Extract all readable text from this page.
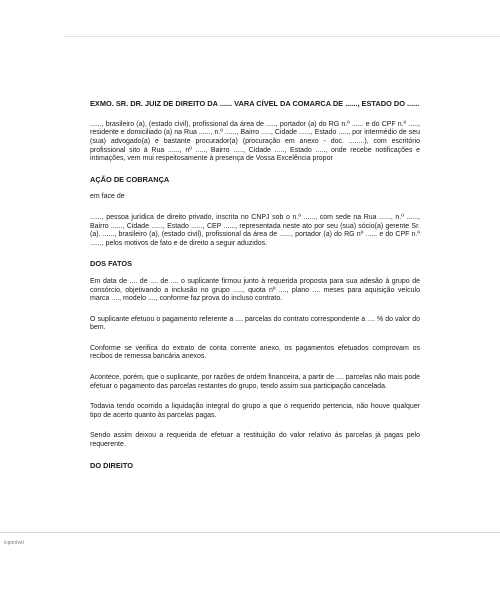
EXMO. SR. DR. JUIZ DE DIREITO DA ...... VARA CÍVEL DA COMARCA DE ......, ESTADO DO ......

......, brasileiro (a), (estado civil), profissional da área de ....., portador (a) do RG n.º ...... e do CPF n.º ....., residente e domiciliado (a) na Rua ......, n.º ......, Bairro ....., Cidade ......, Estado ....., por intermédio de seu (sua) advogado(a) e bastante procurador(a) (procuração em anexo - doc. ........), com escritório profissional sito à Rua ......, nº ....., Bairro ....., Cidade ....., Estado ....., onde recebe notificações e intimações, vem mui respeitosamente à presença de Vossa Excelência propor

AÇÃO DE COBRANÇA
em face de

......, pessoa jurídica de direito privado, inscrita no CNPJ sob o n.º ......, com sede na Rua ......, n.º ......, Bairro ......, Cidade ......, Estado ......, CEP ......, representada neste ato por seu (sua) sócio(a) gerente Sr. (a). ......, brasileiro (a), (estado civil), profissional da área de ......, portador (a) do RG nº ...... e do CPF n.º ......, pelos motivos de fato e de direito a seguir aduzidos.

DOS FATOS

Em data de .... de .... de .... o suplicante firmou junto à requerida proposta para sua adesão à grupo de consórcio, objetivando a inclusão no grupo ....., quota nº ...., plano .... meses para aquisição veículo marca ...., modelo ...., conforme faz prova do incluso contrato.

O suplicante efetuou o pagamento referente a .... parcelas do contrato correspondente a .... % do valor do bem.

Conforme se verifica do extrato de conta corrente anexo, os pagamentos efetuados comprovam os recibos de remessa bancária anexos.

Acontece, porém, que o suplicante, por razões de ordem financeira, a partir de .... parcelas não mais pode efetuar o pagamento das parcelas restantes do grupo, tendo assim sua participação cancelada.

Todavia tendo ocorrido a liquidação integral do grupo a que o requerido pertencia, não houve qualquer tipo de acerto quanto às parcelas pagas.

Sendo assim deixou a requerida de efetuar a restituição do valor relativo às parcelas já pagas pelo requerente.

DO DIREITO
icponível
